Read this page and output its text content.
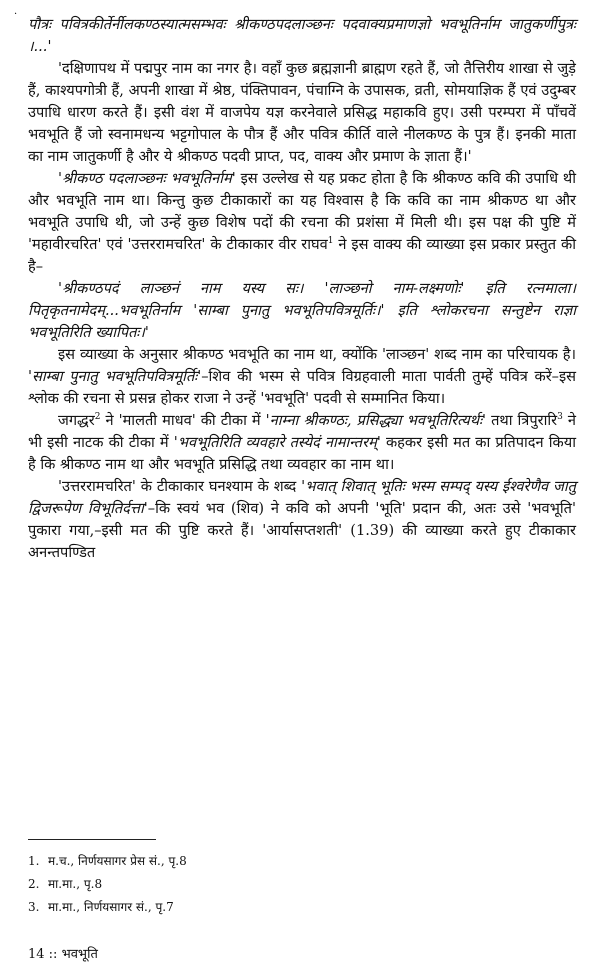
·

पौत्रः पवित्रकीर्तेर्नीलकण्ठस्यात्मसम्भवः श्रीकण्ठपदलाञ्छनः पदवाक्यप्रमाणज्ञो भवभूतिर्नाम जातुकर्णीपुत्रः ।...'

'दक्षिणापथ में पद्मपुर नाम का नगर है। वहाँ कुछ ब्रह्मज्ञानी ब्राह्मण रहते हैं, जो तैत्तिरीय शाखा से जुड़े हैं, काश्यपगोत्री हैं, अपनी शाखा में श्रेष्ठ, पंक्तिपावन, पंचाग्नि के उपासक, व्रती, सोमयाज्ञिक हैं एवं उदुम्बर उपाधि धारण करते हैं। इसी वंश में वाजपेय यज्ञ करनेवाले प्रसिद्ध महाकवि हुए। उसी परम्परा में पाँचवें भवभूति हैं जो स्वनामधन्य भट्टगोपाल के पौत्र हैं और पवित्र कीर्ति वाले नीलकण्ठ के पुत्र हैं। इनकी माता का नाम जातुकर्णी है और ये श्रीकण्ठ पदवी प्राप्त, पद, वाक्य और प्रमाण के ज्ञाता हैं।'

'श्रीकण्ठ पदलाञ्छनः भवभूतिर्नाम' इस उल्लेख से यह प्रकट होता है कि श्रीकण्ठ कवि की उपाधि थी और भवभूति नाम था। किन्तु कुछ टीकाकारों का यह विश्वास है कि कवि का नाम श्रीकण्ठ था और भवभूति उपाधि थी, जो उन्हें कुछ विशेष पदों की रचना की प्रशंसा में मिली थी। इस पक्ष की पुष्टि में 'महावीरचरित' एवं 'उत्तररामचरित' के टीकाकार वीर राघव$^1$ ने इस वाक्य की व्याख्या इस प्रकार प्रस्तुत की है–

'श्रीकण्ठपदं लाञ्छनं नाम यस्य सः। 'लाञ्छनो नाम-लक्ष्मणोः' इति रत्नमाला। पितृकृतनामेदम्...भवभूतिर्नाम 'साम्बा पुनातु भवभूतिपवित्रमूर्तिः।' इति श्लोकरचना सन्तुष्टेन राज्ञा भवभूतिरिति ख्यापितः।'

इस व्याख्या के अनुसार श्रीकण्ठ भवभूति का नाम था, क्योंकि 'लाञ्छन' शब्द नाम का परिचायक है। 'साम्बा पुनातु भवभूतिपवित्रमूर्तिः'–शिव की भस्म से पवित्र विग्रहवाली माता पार्वती तुम्हें पवित्र करें–इस श्लोक की रचना से प्रसन्न होकर राजा ने उन्हें 'भवभूति' पदवी से सम्मानित किया।

जगद्धर$^2$ ने 'मालती माधव' की टीका में 'नाम्ना श्रीकण्ठः, प्रसिद्ध्या भवभूतिरित्यर्थः' तथा त्रिपुरारि$^3$ ने भी इसी नाटक की टीका में 'भवभूतिरिति व्यवहारे तस्येदं नामान्तरम्' कहकर इसी मत का प्रतिपादन किया है कि श्रीकण्ठ नाम था और भवभूति प्रसिद्धि तथा व्यवहार का नाम था।

'उत्तररामचरित' के टीकाकार घनश्याम के शब्द 'भवात् शिवात् भूतिः भस्म सम्पद् यस्य ईश्वरेणैव जातु द्विजरूपेण विभूतिर्दत्ता'–कि स्वयं भव (शिव) ने कवि को अपनी 'भूति' प्रदान की, अतः उसे 'भवभूति' पुकारा गया,–इसी मत की पुष्टि करते हैं। 'आर्यासप्तशती' (1.39) की व्याख्या करते हुए टीकाकार अनन्तपण्डित

1. म.च., निर्णयसागर प्रेस सं., पृ.8
2. मा.मा., पृ.8
3. मा.मा., निर्णयसागर सं., पृ.7
14 :: भवभूति
